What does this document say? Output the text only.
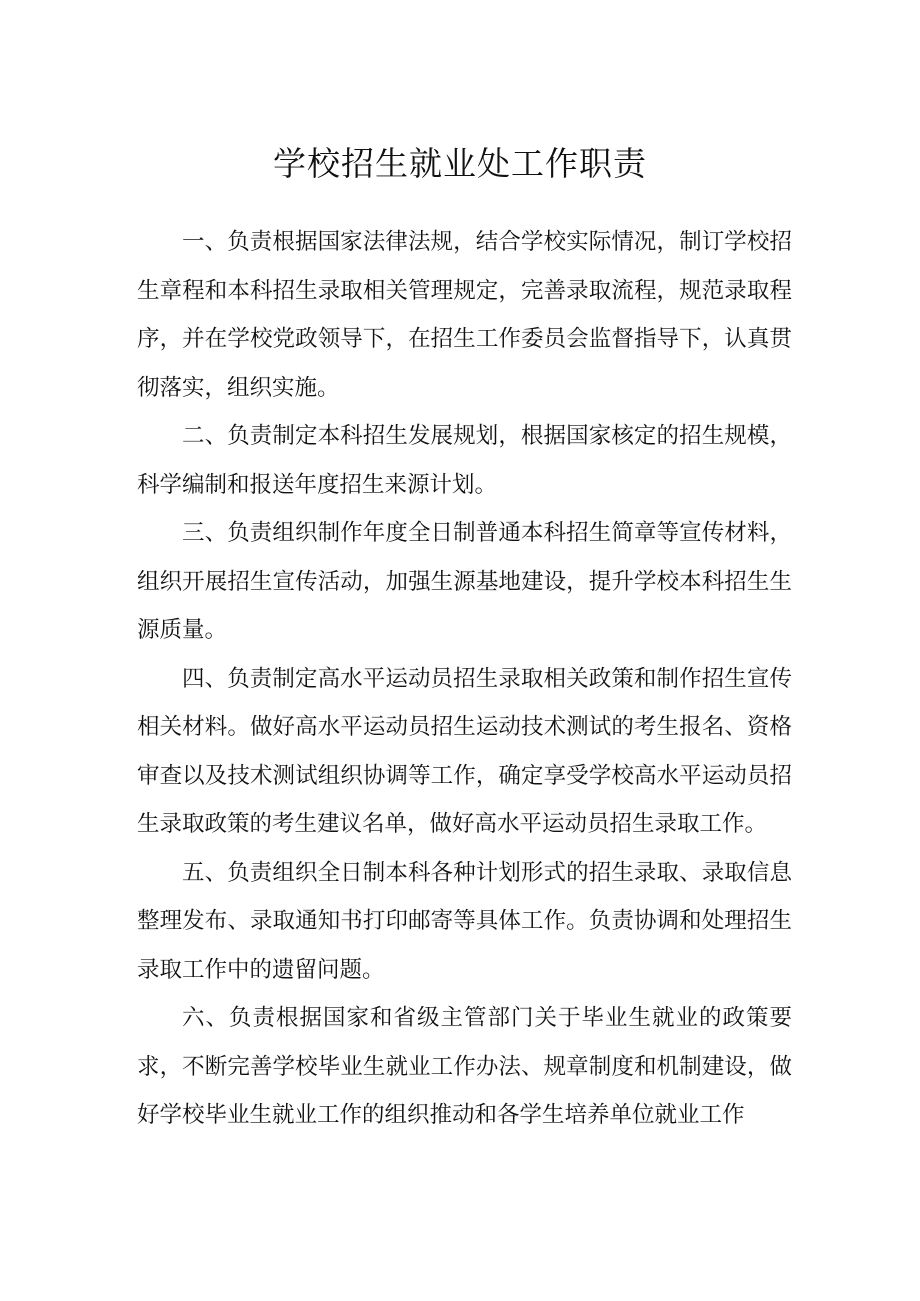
学校招生就业处工作职责

一、负责根据国家法律法规，结合学校实际情况，制订学校招生章程和本科招生录取相关管理规定，完善录取流程，规范录取程序，并在学校党政领导下，在招生工作委员会监督指导下，认真贯彻落实，组织实施。

二、负责制定本科招生发展规划，根据国家核定的招生规模，科学编制和报送年度招生来源计划。

三、负责组织制作年度全日制普通本科招生简章等宣传材料，组织开展招生宣传活动，加强生源基地建设，提升学校本科招生生源质量。

四、负责制定高水平运动员招生录取相关政策和制作招生宣传相关材料。做好高水平运动员招生运动技术测试的考生报名、资格审查以及技术测试组织协调等工作，确定享受学校高水平运动员招生录取政策的考生建议名单，做好高水平运动员招生录取工作。

五、负责组织全日制本科各种计划形式的招生录取、录取信息整理发布、录取通知书打印邮寄等具体工作。负责协调和处理招生录取工作中的遗留问题。

六、负责根据国家和省级主管部门关于毕业生就业的政策要求，不断完善学校毕业生就业工作办法、规章制度和机制建设，做好学校毕业生就业工作的组织推动和各学生培养单位就业工作
